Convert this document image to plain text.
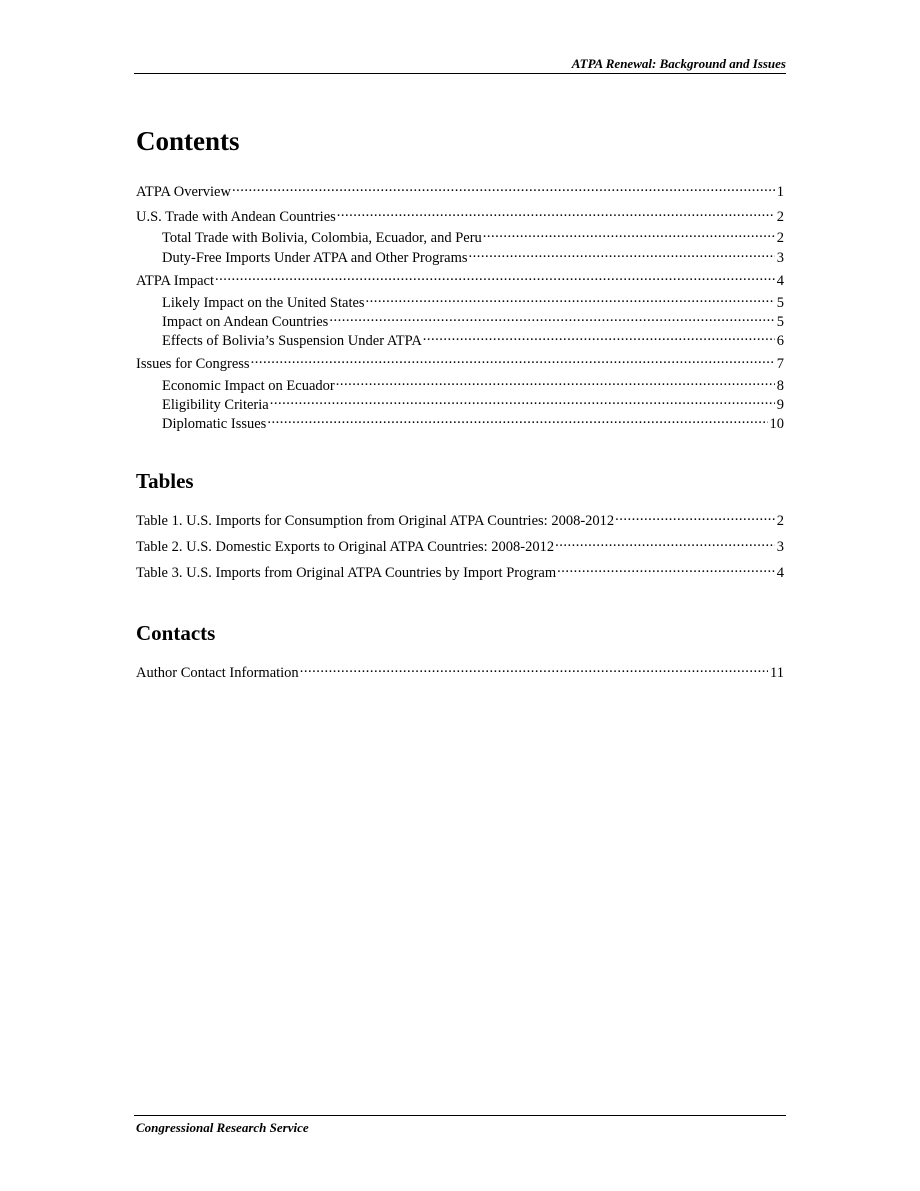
ATPA Renewal: Background and Issues
Contents
ATPA Overview .....	1
U.S. Trade with Andean Countries .....	2
Total Trade with Bolivia, Colombia, Ecuador, and Peru .....	2
Duty-Free Imports Under ATPA and Other Programs .....	3
ATPA Impact .....	4
Likely Impact on the United States .....	5
Impact on Andean Countries .....	5
Effects of Bolivia’s Suspension Under ATPA .....	6
Issues for Congress .....	7
Economic Impact on Ecuador .....	8
Eligibility Criteria .....	9
Diplomatic Issues .....	10
Tables
Table 1. U.S. Imports for Consumption from Original ATPA Countries: 2008-2012 .....	2
Table 2. U.S. Domestic Exports to Original ATPA Countries: 2008-2012 .....	3
Table 3. U.S. Imports from Original ATPA Countries by Import Program .....	4
Contacts
Author Contact Information .....	11
Congressional Research Service
